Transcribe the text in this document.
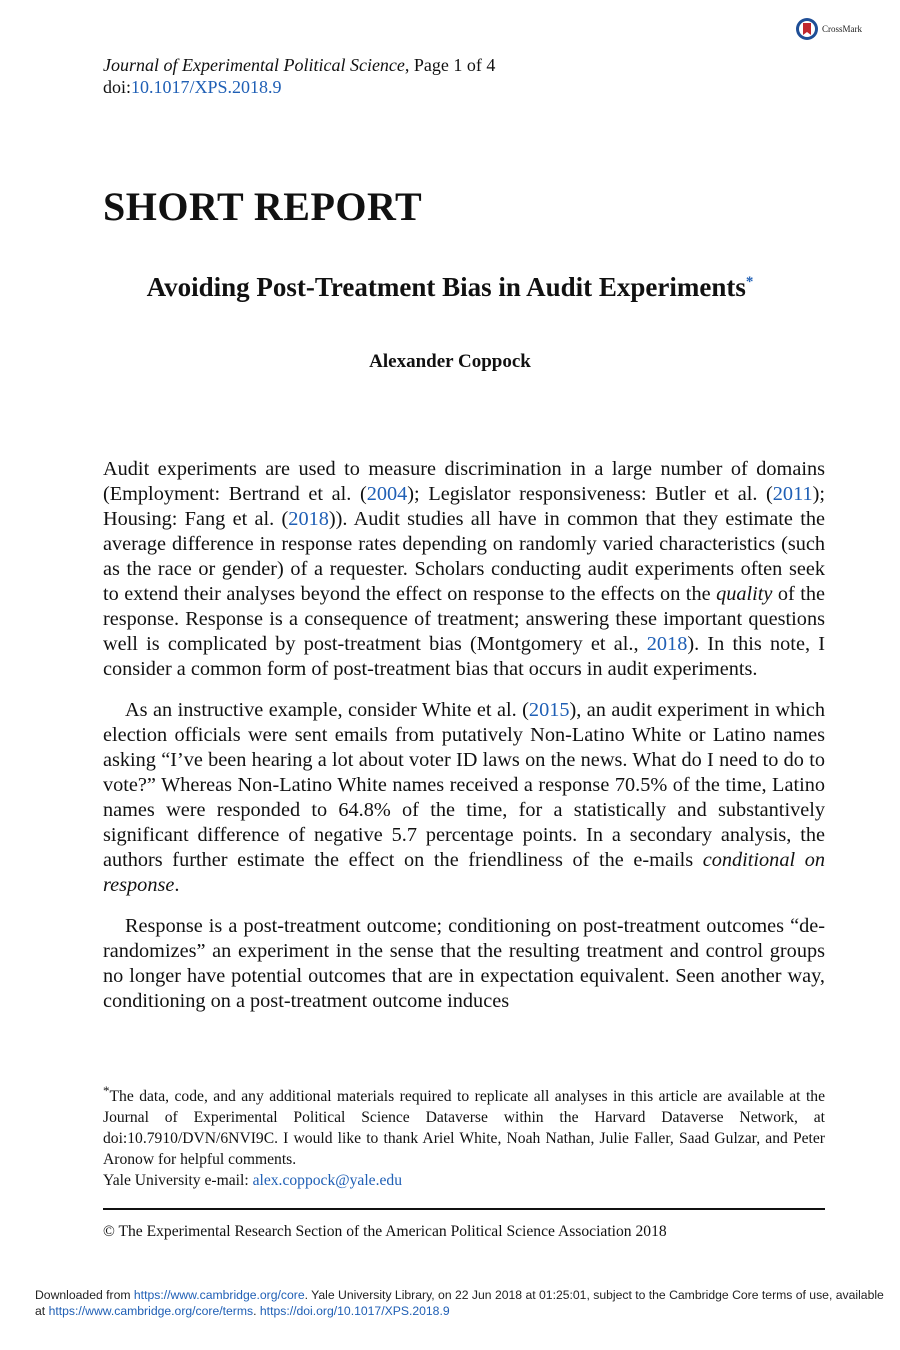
CrossMark
Journal of Experimental Political Science, Page 1 of 4
doi:10.1017/XPS.2018.9
SHORT REPORT
Avoiding Post-Treatment Bias in Audit Experiments*
Alexander Coppock

Audit experiments are used to measure discrimination in a large number of domains (Employment: Bertrand et al. (2004); Legislator responsiveness: Butler et al. (2011); Housing: Fang et al. (2018)). Audit studies all have in common that they estimate the average difference in response rates depending on randomly varied characteristics (such as the race or gender) of a requester. Scholars conducting audit experiments often seek to extend their analyses beyond the effect on response to the effects on the quality of the response. Response is a consequence of treatment; answering these important questions well is complicated by post-treatment bias (Montgomery et al., 2018). In this note, I consider a common form of post-treatment bias that occurs in audit experiments.

As an instructive example, consider White et al. (2015), an audit experiment in which election officials were sent emails from putatively Non-Latino White or Latino names asking “I’ve been hearing a lot about voter ID laws on the news. What do I need to do to vote?” Whereas Non-Latino White names received a response 70.5% of the time, Latino names were responded to 64.8% of the time, for a statistically and substantively significant difference of negative 5.7 percentage points. In a secondary analysis, the authors further estimate the effect on the friendliness of the e-mails conditional on response.

Response is a post-treatment outcome; conditioning on post-treatment outcomes “de-randomizes” an experiment in the sense that the resulting treatment and control groups no longer have potential outcomes that are in expectation equivalent. Seen another way, conditioning on a post-treatment outcome induces

*The data, code, and any additional materials required to replicate all analyses in this article are available at the Journal of Experimental Political Science Dataverse within the Harvard Dataverse Network, at doi:10.7910/DVN/6NVI9C. I would like to thank Ariel White, Noah Nathan, Julie Faller, Saad Gulzar, and Peter Aronow for helpful comments.

Yale University e-mail: alex.coppock@yale.edu

© The Experimental Research Section of the American Political Science Association 2018
Downloaded from https://www.cambridge.org/core. Yale University Library, on 22 Jun 2018 at 01:25:01, subject to the Cambridge Core terms of use, available at https://www.cambridge.org/core/terms. https://doi.org/10.1017/XPS.2018.9
